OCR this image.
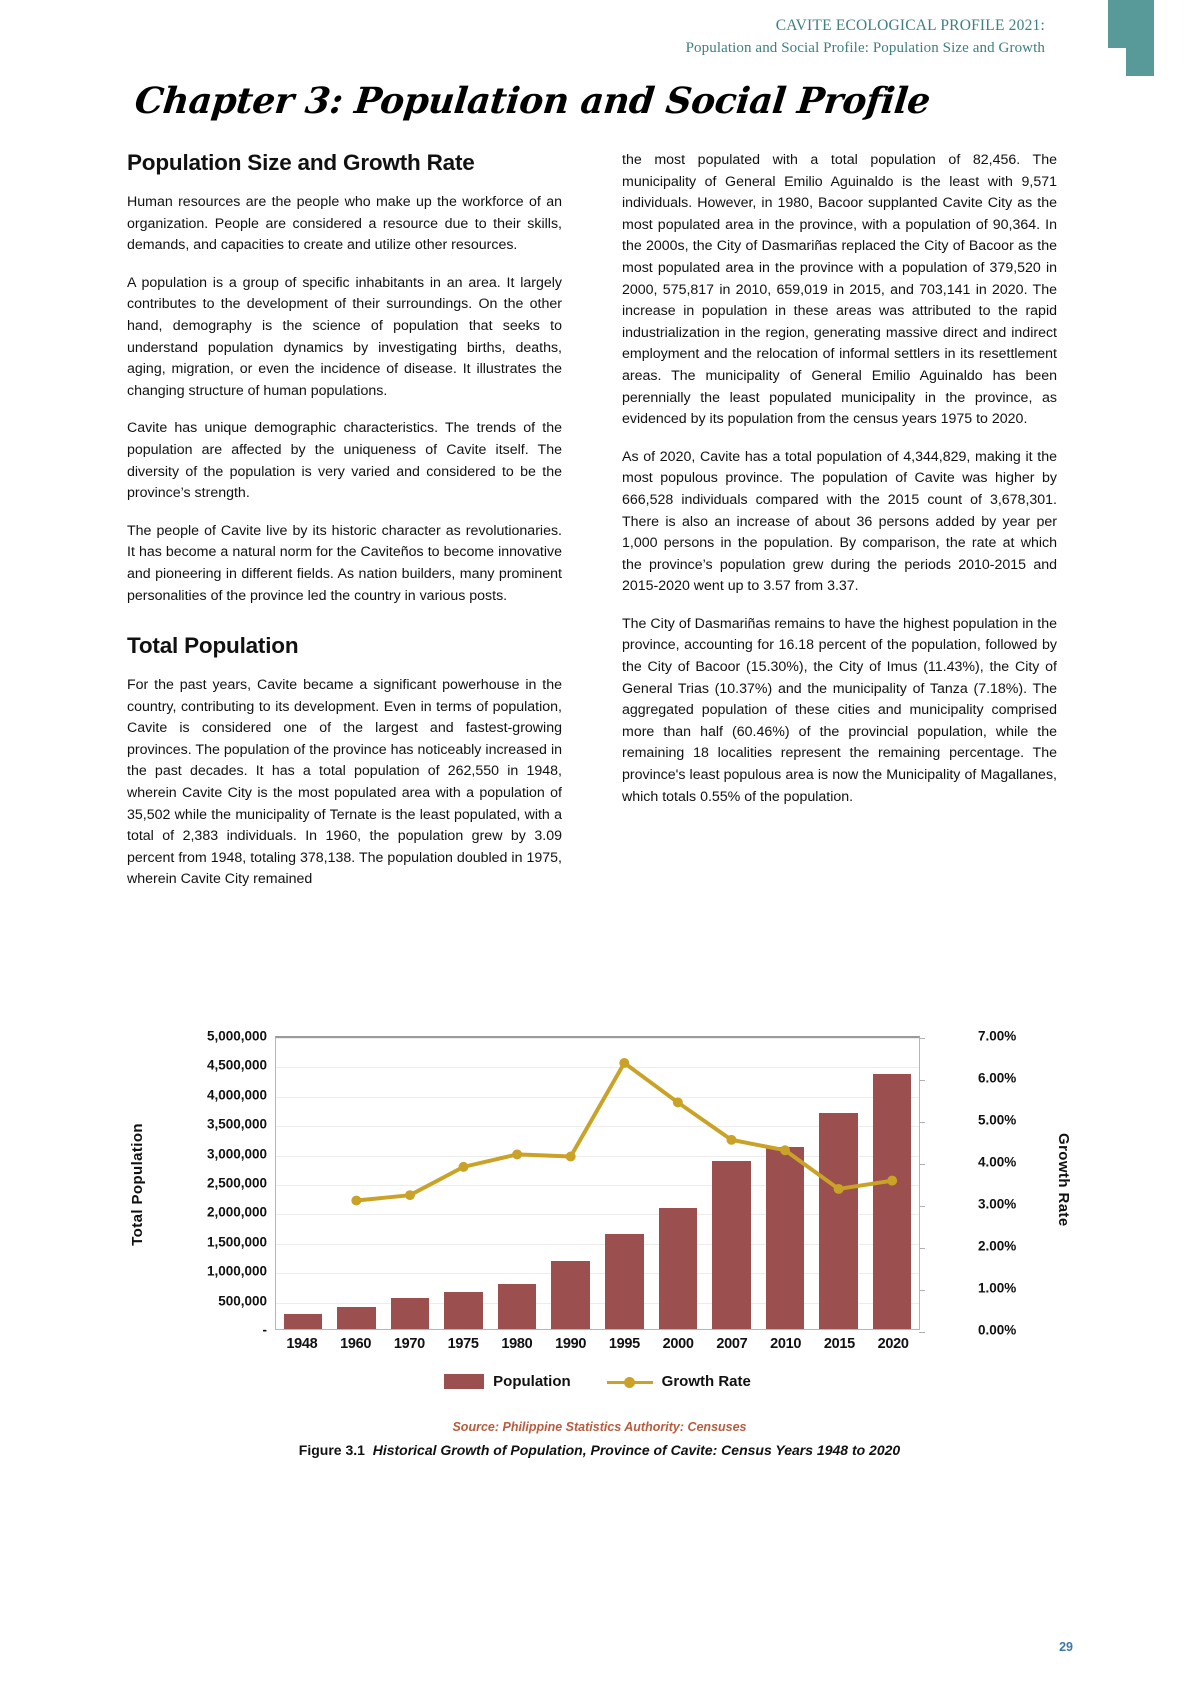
CAVITE ECOLOGICAL PROFILE 2021:
Population and Social Profile: Population Size and Growth
Chapter 3: Population and Social Profile
Population Size and Growth Rate

Human resources are the people who make up the workforce of an organization. People are considered a resource due to their skills, demands, and capacities to create and utilize other resources.

A population is a group of specific inhabitants in an area. It largely contributes to the development of their surroundings. On the other hand, demography is the science of population that seeks to understand population dynamics by investigating births, deaths, aging, migration, or even the incidence of disease. It illustrates the changing structure of human populations.

Cavite has unique demographic characteristics. The trends of the population are affected by the uniqueness of Cavite itself. The diversity of the population is very varied and considered to be the province’s strength.

The people of Cavite live by its historic character as revolutionaries. It has become a natural norm for the Caviteños to become innovative and pioneering in different fields. As nation builders, many prominent personalities of the province led the country in various posts.

Total Population

For the past years, Cavite became a significant powerhouse in the country, contributing to its development. Even in terms of population, Cavite is considered one of the largest and fastest-growing provinces. The population of the province has noticeably increased in the past decades. It has a total population of 262,550 in 1948, wherein Cavite City is the most populated area with a population of 35,502 while the municipality of Ternate is the least populated, with a total of 2,383 individuals. In 1960, the population grew by 3.09 percent from 1948, totaling 378,138. The population doubled in 1975, wherein Cavite City remained

the most populated with a total population of 82,456. The municipality of General Emilio Aguinaldo is the least with 9,571 individuals. However, in 1980, Bacoor supplanted Cavite City as the most populated area in the province, with a population of 90,364. In the 2000s, the City of Dasmariñas replaced the City of Bacoor as the most populated area in the province with a population of 379,520 in 2000, 575,817 in 2010, 659,019 in 2015, and 703,141 in 2020. The increase in population in these areas was attributed to the rapid industrialization in the region, generating massive direct and indirect employment and the relocation of informal settlers in its resettlement areas. The municipality of General Emilio Aguinaldo has been perennially the least populated municipality in the province, as evidenced by its population from the census years 1975 to 2020.

As of 2020, Cavite has a total population of 4,344,829, making it the most populous province. The population of Cavite was higher by 666,528 individuals compared with the 2015 count of 3,678,301. There is also an increase of about 36 persons added by year per 1,000 persons in the population. By comparison, the rate at which the province’s population grew during the periods 2010-2015 and 2015-2020 went up to 3.57 from 3.37.

The City of Dasmariñas remains to have the highest population in the province, accounting for 16.18 percent of the population, followed by the City of Bacoor (15.30%), the City of Imus (11.43%), the City of General Trias (10.37%) and the municipality of Tanza (7.18%). The aggregated population of these cities and municipality comprised more than half (60.46%) of the provincial population, while the remaining 18 localities represent the remaining percentage. The province's least populous area is now the Municipality of Magallanes, which totals 0.55% of the population.

Total Population	Growth Rate
5,000,000
4,500,000
4,000,000
3,500,000
3,000,000
2,500,000
2,000,000
1,500,000
1,000,000
500,000
-
7.00%
6.00%
5.00%
4.00%
3.00%
2.00%
1.00%
0.00%
1948	1960	1970	1975	1980	1990	1995	2000	2007	2010	2015	2020
Population	Growth Rate
Source: Philippine Statistics Authority: Censuses
Figure 3.1 Historical Growth of Population, Province of Cavite: Census Years 1948 to 2020
29
